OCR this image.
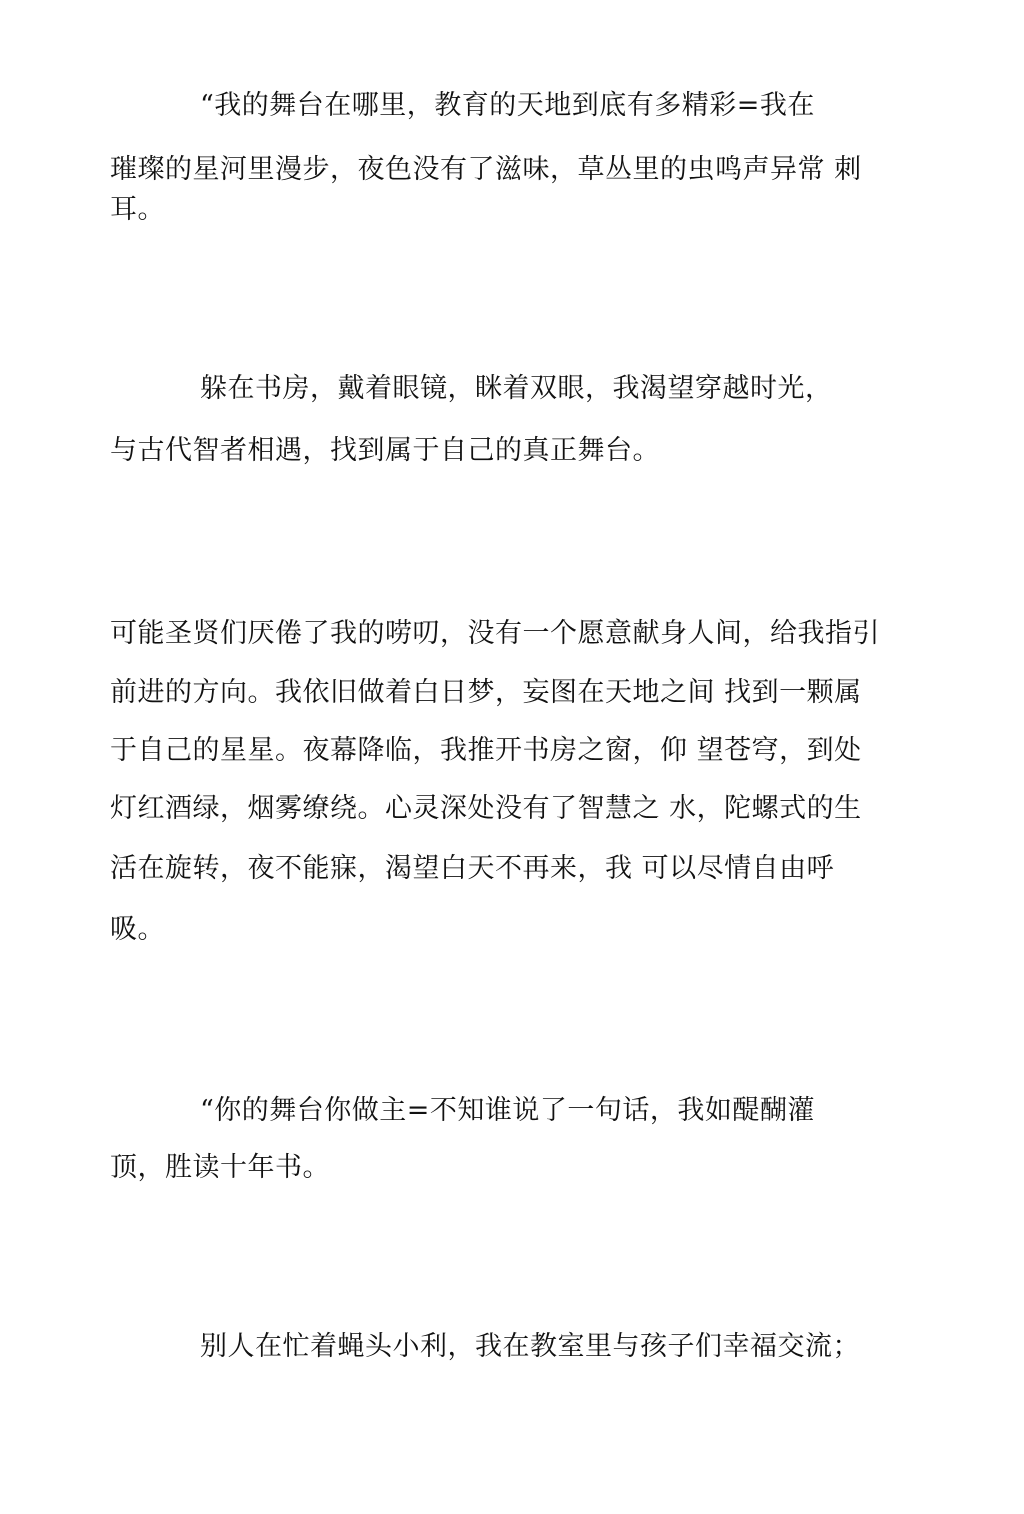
“我的舞台在哪里，教育的天地到底有多精彩=我在
璀璨的星河里漫步，夜色没有了滋味，草丛里的虫鸣声异常 刺
耳。
躲在书房，戴着眼镜，眯着双眼，我渴望穿越时光，
与古代智者相遇，找到属于自己的真正舞台。
可能圣贤们厌倦了我的唠叨，没有一个愿意献身人间，给我指引
前进的方向。我依旧做着白日梦，妄图在天地之间 找到一颗属
于自己的星星。夜幕降临，我推开书房之窗，仰 望苍穹，到处
灯红酒绿，烟雾缭绕。心灵深处没有了智慧之 水，陀螺式的生
活在旋转，夜不能寐，渴望白天不再来，我 可以尽情自由呼
吸。
“你的舞台你做主=不知谁说了一句话，我如醍醐灌
顶，胜读十年书。
别人在忙着蝇头小利，我在教室里与孩子们幸福交流；
